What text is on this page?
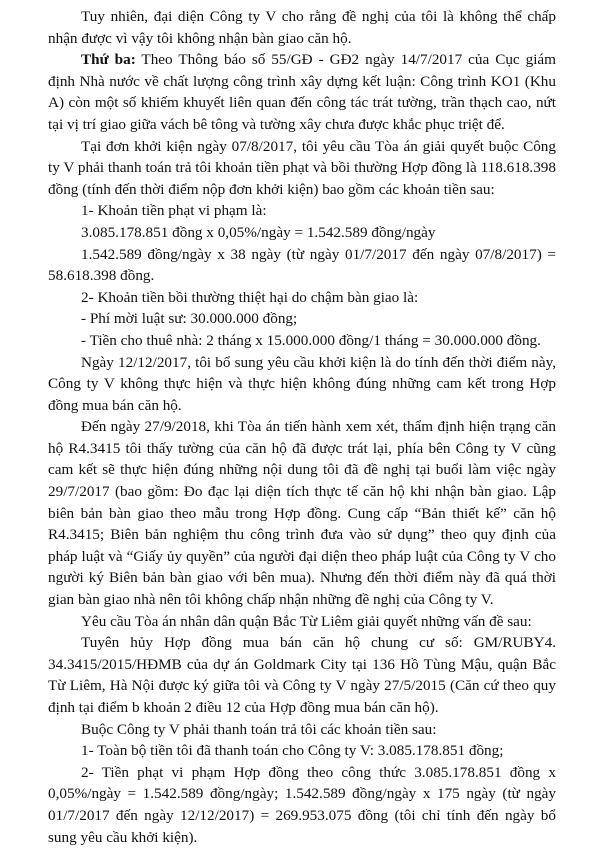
Tuy nhiên, đại diện Công ty V cho rằng đề nghị của tôi là không thể chấp nhận được vì vậy tôi không nhận bàn giao căn hộ.

Thứ ba: Theo Thông báo số 55/GĐ - GĐ2 ngày 14/7/2017 của Cục giám định Nhà nước về chất lượng công trình xây dựng kết luận: Công trình KO1 (Khu A) còn một số khiếm khuyết liên quan đến công tác trát tường, trần thạch cao, nứt tại vị trí giao giữa vách bê tông và tường xây chưa được khắc phục triệt để.

Tại đơn khởi kiện ngày 07/8/2017, tôi yêu cầu Tòa án giải quyết buộc Công ty V phải thanh toán trả tôi khoản tiền phạt và bồi thường Hợp đồng là 118.618.398 đồng (tính đến thời điểm nộp đơn khởi kiện) bao gồm các khoản tiền sau:

1- Khoản tiền phạt vi phạm là:

3.085.178.851 đồng x 0,05%/ngày = 1.542.589 đồng/ngày

1.542.589 đồng/ngày x 38 ngày (từ ngày 01/7/2017 đến ngày 07/8/2017) = 58.618.398 đồng.

2- Khoản tiền bồi thường thiệt hại do chậm bàn giao là:

- Phí mời luật sư: 30.000.000 đồng;

- Tiền cho thuê nhà: 2 tháng x 15.000.000 đồng/1 tháng = 30.000.000 đồng.

Ngày 12/12/2017, tôi bổ sung yêu cầu khởi kiện là do tính đến thời điểm này, Công ty V không thực hiện và thực hiện không đúng những cam kết trong Hợp đồng mua bán căn hộ.

Đến ngày 27/9/2018, khi Tòa án tiến hành xem xét, thẩm định hiện trạng căn hộ R4.3415 tôi thấy tường của căn hộ đã được trát lại, phía bên Công ty V cũng cam kết sẽ thực hiện đúng những nội dung tôi đã đề nghị tại buổi làm việc ngày 29/7/2017 (bao gồm: Đo đạc lại diện tích thực tế căn hộ khi nhận bàn giao. Lập biên bản bàn giao theo mẫu trong Hợp đồng. Cung cấp “Bản thiết kế” căn hộ R4.3415; Biên bản nghiệm thu công trình đưa vào sử dụng” theo quy định của pháp luật và “Giấy ủy quyền” của người đại diện theo pháp luật của Công ty V cho người ký Biên bản bàn giao với bên mua). Nhưng đến thời điểm này đã quá thời gian bàn giao nhà nên tôi không chấp nhận những đề nghị của Công ty V.

Yêu cầu Tòa án nhân dân quận Bắc Từ Liêm giải quyết những vấn đề sau:

Tuyên hủy Hợp đồng mua bán căn hộ chung cư số: GM/RUBY4. 34.3415/2015/HĐMB của dự án Goldmark City tại 136 Hồ Tùng Mậu, quận Bắc Từ Liêm, Hà Nội được ký giữa tôi và Công ty V ngày 27/5/2015 (Căn cứ theo quy định tại điểm b khoản 2 điều 12 của Hợp đồng mua bán căn hộ).

Buộc Công ty V phải thanh toán trả tôi các khoản tiền sau:

1- Toàn bộ tiền tôi đã thanh toán cho Công ty V: 3.085.178.851 đồng;

2- Tiền phạt vi phạm Hợp đồng theo công thức 3.085.178.851 đồng x 0,05%/ngày = 1.542.589 đồng/ngày; 1.542.589 đồng/ngày x 175 ngày (từ ngày 01/7/2017 đến ngày 12/12/2017) = 269.953.075 đồng (tôi chỉ tính đến ngày bổ sung yêu cầu khởi kiện).
